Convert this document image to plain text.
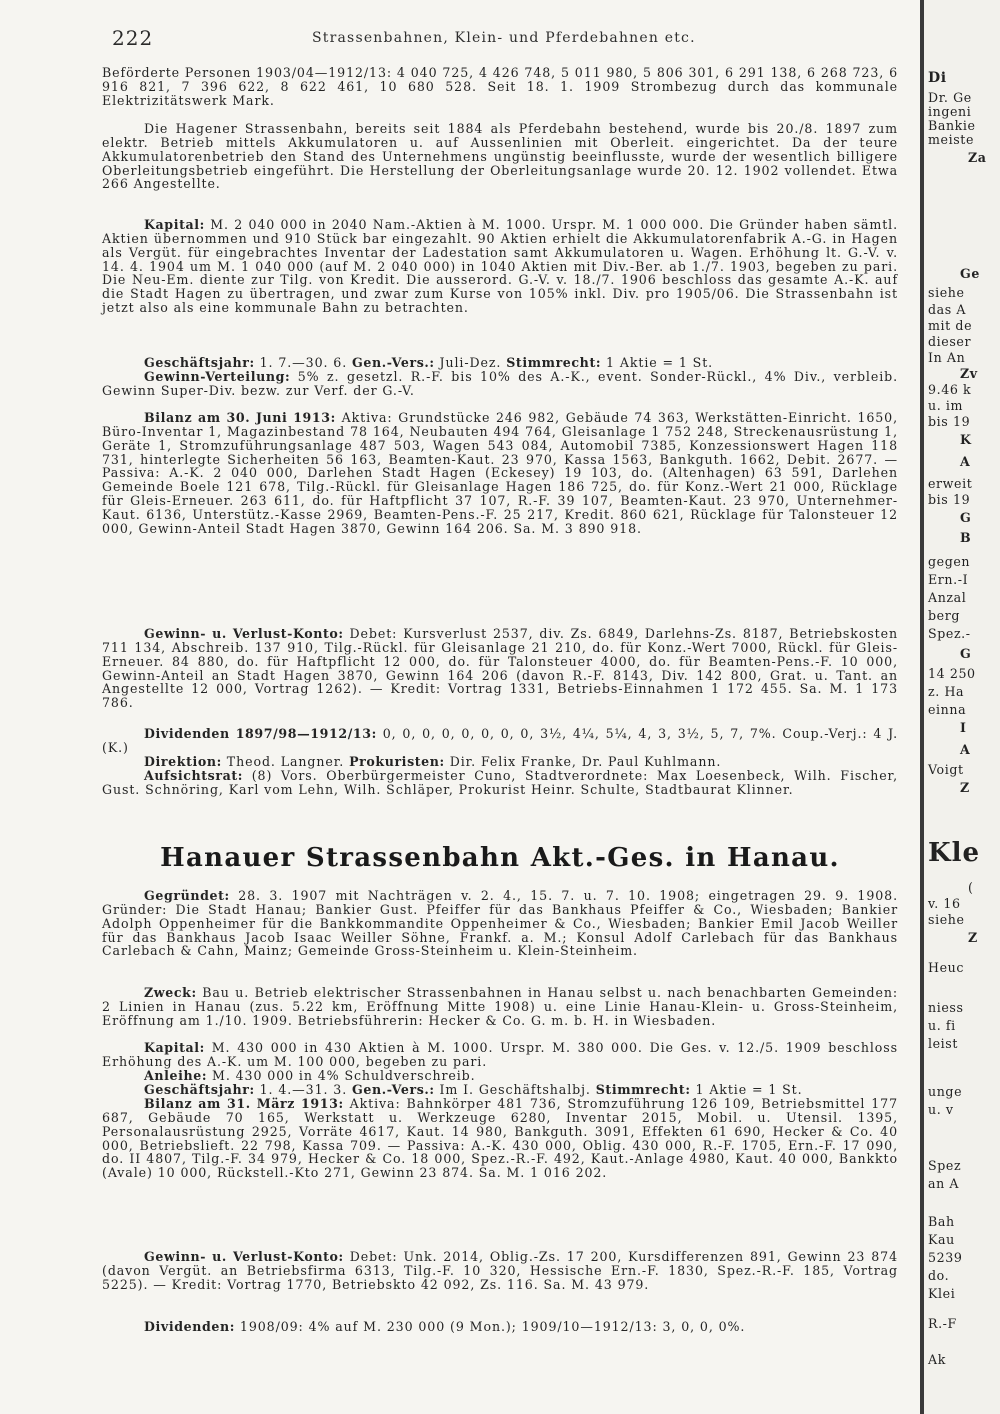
222	Strassenbahnen, Klein- und Pferdebahnen etc.

Beförderte Personen 1903/04—1912/13: 4 040 725, 4 426 748, 5 011 980, 5 806 301, 6 291 138, 6 268 723, 6 916 821, 7 396 622, 8 622 461, 10 680 528. Seit 18. 1. 1909 Strombezug durch das kommunale Elektrizitätswerk Mark.

Die Hagener Strassenbahn, bereits seit 1884 als Pferdebahn bestehend, wurde bis 20./8. 1897 zum elektr. Betrieb mittels Akkumulatoren u. auf Aussenlinien mit Oberleit. eingerichtet. Da der teure Akkumulatorenbetrieb den Stand des Unternehmens ungünstig beeinflusste, wurde der wesentlich billigere Oberleitungsbetrieb eingeführt. Die Herstellung der Oberleitungsanlage wurde 20. 12. 1902 vollendet. Etwa 266 Angestellte.

Kapital: M. 2 040 000 in 2040 Nam.-Aktien à M. 1000. Urspr. M. 1 000 000. Die Gründer haben sämtl. Aktien übernommen und 910 Stück bar eingezahlt. 90 Aktien erhielt die Akkumulatorenfabrik A.-G. in Hagen als Vergüt. für eingebrachtes Inventar der Ladestation samt Akkumulatoren u. Wagen. Erhöhung lt. G.-V. v. 14. 4. 1904 um M. 1 040 000 (auf M. 2 040 000) in 1040 Aktien mit Div.-Ber. ab 1./7. 1903, begeben zu pari. Die Neu-Em. diente zur Tilg. von Kredit. Die ausserord. G.-V. v. 18./7. 1906 beschloss das gesamte A.-K. auf die Stadt Hagen zu übertragen, und zwar zum Kurse von 105% inkl. Div. pro 1905/06. Die Strassenbahn ist jetzt also als eine kommunale Bahn zu betrachten.

Geschäftsjahr: 1. 7.—30. 6. Gen.-Vers.: Juli-Dez. Stimmrecht: 1 Aktie = 1 St.

Gewinn-Verteilung: 5% z. gesetzl. R.-F. bis 10% des A.-K., event. Sonder-Rückl., 4% Div., verbleib. Gewinn Super-Div. bezw. zur Verf. der G.-V.

Bilanz am 30. Juni 1913: Aktiva: Grundstücke 246 982, Gebäude 74 363, Werkstätten-Einricht. 1650, Büro-Inventar 1, Magazinbestand 78 164, Neubauten 494 764, Gleisanlage 1 752 248, Streckenausrüstung 1, Geräte 1, Stromzuführungsanlage 487 503, Wagen 543 084, Automobil 7385, Konzessionswert Hagen 118 731, hinterlegte Sicherheiten 56 163, Beamten-Kaut. 23 970, Kassa 1563, Bankguth. 1662, Debit. 2677. — Passiva: A.-K. 2 040 000, Darlehen Stadt Hagen (Eckesey) 19 103, do. (Altenhagen) 63 591, Darlehen Gemeinde Boele 121 678, Tilg.-Rückl. für Gleisanlage Hagen 186 725, do. für Konz.-Wert 21 000, Rücklage für Gleis-Erneuer. 263 611, do. für Haftpflicht 37 107, R.-F. 39 107, Beamten-Kaut. 23 970, Unternehmer-Kaut. 6136, Unterstütz.-Kasse 2969, Beamten-Pens.-F. 25 217, Kredit. 860 621, Rücklage für Talonsteuer 12 000, Gewinn-Anteil Stadt Hagen 3870, Gewinn 164 206. Sa. M. 3 890 918.

Gewinn- u. Verlust-Konto: Debet: Kursverlust 2537, div. Zs. 6849, Darlehns-Zs. 8187, Betriebskosten 711 134, Abschreib. 137 910, Tilg.-Rückl. für Gleisanlage 21 210, do. für Konz.-Wert 7000, Rückl. für Gleis-Erneuer. 84 880, do. für Haftpflicht 12 000, do. für Talonsteuer 4000, do. für Beamten-Pens.-F. 10 000, Gewinn-Anteil an Stadt Hagen 3870, Gewinn 164 206 (davon R.-F. 8143, Div. 142 800, Grat. u. Tant. an Angestellte 12 000, Vortrag 1262). — Kredit: Vortrag 1331, Betriebs-Einnahmen 1 172 455. Sa. M. 1 173 786.

Dividenden 1897/98—1912/13: 0, 0, 0, 0, 0, 0, 0, 0, 3½, 4¼, 5¼, 4, 3, 3½, 5, 7, 7%. Coup.-Verj.: 4 J. (K.)

Direktion: Theod. Langner. Prokuristen: Dir. Felix Franke, Dr. Paul Kuhlmann.

Aufsichtsrat: (8) Vors. Oberbürgermeister Cuno, Stadtverordnete: Max Loesenbeck, Wilh. Fischer, Gust. Schnöring, Karl vom Lehn, Wilh. Schläper, Prokurist Heinr. Schulte, Stadtbaurat Klinner.

Hanauer Strassenbahn Akt.-Ges. in Hanau.

Gegründet: 28. 3. 1907 mit Nachträgen v. 2. 4., 15. 7. u. 7. 10. 1908; eingetragen 29. 9. 1908. Gründer: Die Stadt Hanau; Bankier Gust. Pfeiffer für das Bankhaus Pfeiffer & Co., Wiesbaden; Bankier Adolph Oppenheimer für die Bankkommandite Oppenheimer & Co., Wiesbaden; Bankier Emil Jacob Weiller für das Bankhaus Jacob Isaac Weiller Söhne, Frankf. a. M.; Konsul Adolf Carlebach für das Bankhaus Carlebach & Cahn, Mainz; Gemeinde Gross-Steinheim u. Klein-Steinheim.

Zweck: Bau u. Betrieb elektrischer Strassenbahnen in Hanau selbst u. nach benachbarten Gemeinden: 2 Linien in Hanau (zus. 5.22 km, Eröffnung Mitte 1908) u. eine Linie Hanau-Klein- u. Gross-Steinheim, Eröffnung am 1./10. 1909. Betriebsführerin: Hecker & Co. G. m. b. H. in Wiesbaden.

Kapital: M. 430 000 in 430 Aktien à M. 1000. Urspr. M. 380 000. Die Ges. v. 12./5. 1909 beschloss Erhöhung des A.-K. um M. 100 000, begeben zu pari.

Anleihe: M. 430 000 in 4% Schuldverschreib.

Geschäftsjahr: 1. 4.—31. 3. Gen.-Vers.: Im I. Geschäftshalbj. Stimmrecht: 1 Aktie = 1 St.

Bilanz am 31. März 1913: Aktiva: Bahnkörper 481 736, Stromzuführung 126 109, Betriebsmittel 177 687, Gebäude 70 165, Werkstatt u. Werkzeuge 6280, Inventar 2015, Mobil. u. Utensil. 1395, Personalausrüstung 2925, Vorräte 4617, Kaut. 14 980, Bankguth. 3091, Effekten 61 690, Hecker & Co. 40 000, Betriebslieft. 22 798, Kassa 709. — Passiva: A.-K. 430 000, Oblig. 430 000, R.-F. 1705, Ern.-F. 17 090, do. II 4807, Tilg.-F. 34 979, Hecker & Co. 18 000, Spez.-R.-F. 492, Kaut.-Anlage 4980, Kaut. 40 000, Bankkto (Avale) 10 000, Rückstell.-Kto 271, Gewinn 23 874. Sa. M. 1 016 202.

Gewinn- u. Verlust-Konto: Debet: Unk. 2014, Oblig.-Zs. 17 200, Kursdifferenzen 891, Gewinn 23 874 (davon Vergüt. an Betriebsfirma 6313, Tilg.-F. 10 320, Hessische Ern.-F. 1830, Spez.-R.-F. 185, Vortrag 5225). — Kredit: Vortrag 1770, Betriebskto 42 092, Zs. 116. Sa. M. 43 979.

Dividenden: 1908/09: 4% auf M. 230 000 (9 Mon.); 1909/10—1912/13: 3, 0, 0, 0%.

Di
Dr. Ge
ingeni
Bankie
meiste
Za
Ge
siehe
das A
mit de
dieser
In An
Zv
9.46 k
u. im
bis 19
K
A
erweit
bis 19
G
B
gegen
Ern.-I
Anzal
berg
Spez.-
G
14 250
z. Ha
einna
I
A
Voigt
Z
Kle
(
v. 16
siehe
Z
Heuc
niess
u. fi
leist
unge
u. v
Spez
an A
Bah
Kau
5239
do.
Klei
R.-F
Ak
